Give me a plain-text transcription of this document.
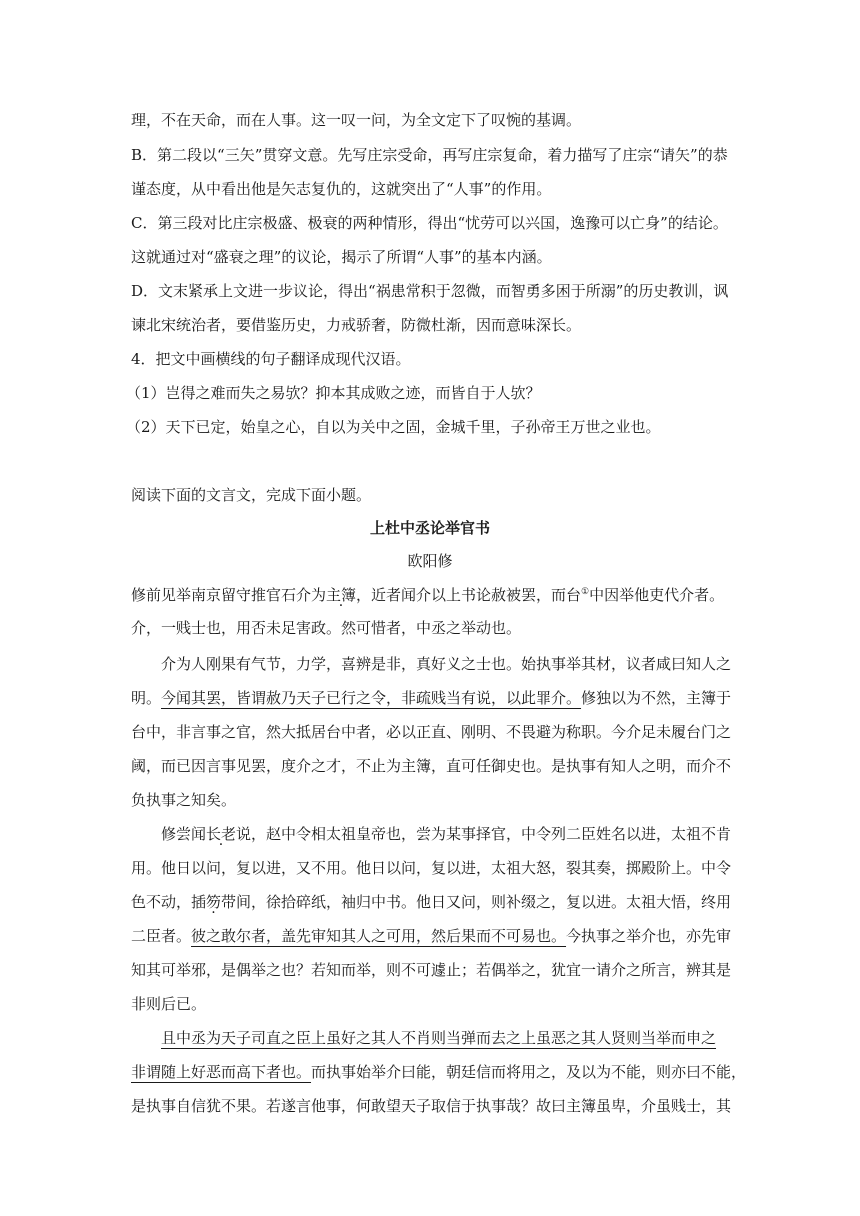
理，不在天命，而在人事。这一叹一问，为全文定下了叹惋的基调。
B．第二段以“三矢”贯穿文意。先写庄宗受命，再写庄宗复命，着力描写了庄宗“请矢”的恭
谨态度，从中看出他是矢志复仇的，这就突出了“人事”的作用。
C．第三段对比庄宗极盛、极衰的两种情形，得出“忧劳可以兴国，逸豫可以亡身”的结论。
这就通过对“盛衰之理”的议论，揭示了所谓“人事”的基本内涵。
D．文末紧承上文进一步议论，得出“祸患常积于忽微，而智勇多困于所溺”的历史教训，讽
谏北宋统治者，要借鉴历史，力戒骄奢，防微杜渐，因而意味深长。
4．把文中画横线的句子翻译成现代汉语。
（1）岂得之难而失之易欤？抑本其成败之迹，而皆自于人欤？
（2）天下已定，始皇之心，自以为关中之固，金城千里，子孙帝王万世之业也。
阅读下面的文言文，完成下面小题。
上杜中丞论举官书
欧阳修
修前见举南京留守推官石介为主簿，近者闻介以上书论赦被罢，而台①中因举他吏代介者。
介，一贱士也，用否未足害政。然可惜者，中丞之举动也。
介为人刚果有气节，力学，喜辨是非，真好义之士也。始执事举其材，议者咸曰知人之
明。今闻其罢，皆谓赦乃天子已行之令，非疏贱当有说，以此罪介。修独以为不然，主簿于
台中，非言事之官，然大抵居台中者，必以正直、刚明、不畏避为称职。今介足未履台门之
阈，而已因言事见罢，度介之才，不止为主簿，直可任御史也。是执事有知人之明，而介不
负执事之知矣。
修尝闻长老说，赵中令相太祖皇帝也，尝为某事择官，中令列二臣姓名以进，太祖不肯
用。他日以问，复以进，又不用。他日以问，复以进，太祖大怒，裂其奏，掷殿阶上。中令
色不动，插笏带间，徐拾碎纸，袖归中书。他日又问，则补缀之，复以进。太祖大悟，终用
二臣者。彼之敢尔者，盖先审知其人之可用，然后果而不可易也。今执事之举介也，亦先审
知其可举邪，是偶举之也？若知而举，则不可遽止；若偶举之，犹宜一请介之所言，辨其是
非则后已。
且中丞为天子司直之臣上虽好之其人不肖则当弹而去之上虽恶之其人贤则当举而申之
非谓随上好恶而高下者也。而执事始举介曰能，朝廷信而将用之，及以为不能，则亦曰不能，
是执事自信犹不果。若遂言他事，何敢望天子取信于执事哉？故曰主簿虽卑，介虽贱士，其
